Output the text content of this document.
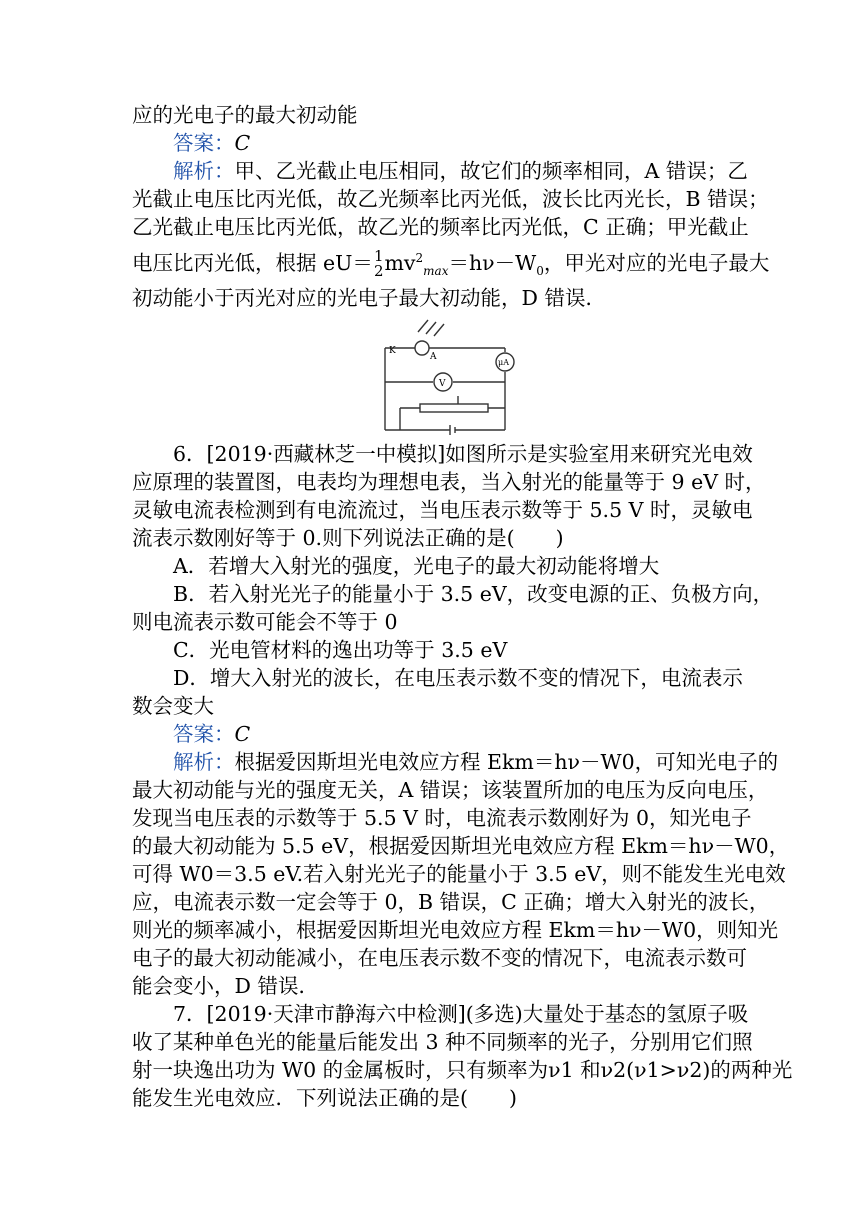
应的光电子的最大初动能
答案：C
解析：甲、乙光截止电压相同，故它们的频率相同，A 错误；乙
光截止电压比丙光低，故乙光频率比丙光低，波长比丙光长，B 错误；
乙光截止电压比丙光低，故乙光的频率比丙光低，C 正确；甲光截止
电压比丙光低，根据 eU＝ 1
2 $mv^2_{max}=h\nu-W_0$，甲光对应的光电子最大
初动能小于丙光对应的光电子最大初动能，D 错误．
K
A
μA
V
6．[2019·西藏林芝一中模拟]如图所示是实验室用来研究光电效
应原理的装置图，电表均为理想电表，当入射光的能量等于 9 eV 时，
灵敏电流表检测到有电流流过，当电压表示数等于 5.5 V 时，灵敏电
流表示数刚好等于 0.则下列说法正确的是(　　)
A．若增大入射光的强度，光电子的最大初动能将增大
B．若入射光光子的能量小于 3.5 eV，改变电源的正、负极方向，
则电流表示数可能会不等于 0
C．光电管材料的逸出功等于 3.5 eV
D．增大入射光的波长，在电压表示数不变的情况下，电流表示
数会变大
答案：C
解析：根据爱因斯坦光电效应方程 Ekm＝hν－W0，可知光电子的
最大初动能与光的强度无关，A 错误；该装置所加的电压为反向电压，
发现当电压表的示数等于 5.5 V 时，电流表示数刚好为 0，知光电子
的最大初动能为 5.5 eV，根据爱因斯坦光电效应方程 Ekm＝hν－W0，
可得 W0＝3.5 eV.若入射光光子的能量小于 3.5 eV，则不能发生光电效
应，电流表示数一定会等于 0，B 错误，C 正确；增大入射光的波长，
则光的频率减小，根据爱因斯坦光电效应方程 Ekm＝hν－W0，则知光
电子的最大初动能减小，在电压表示数不变的情况下，电流表示数可
能会变小，D 错误．
7．[2019·天津市静海六中检测](多选)大量处于基态的氢原子吸
收了某种单色光的能量后能发出 3 种不同频率的光子，分别用它们照
射一块逸出功为 W0 的金属板时，只有频率为ν1 和ν2(ν1>ν2)的两种光
能发生光电效应．下列说法正确的是(　　)
